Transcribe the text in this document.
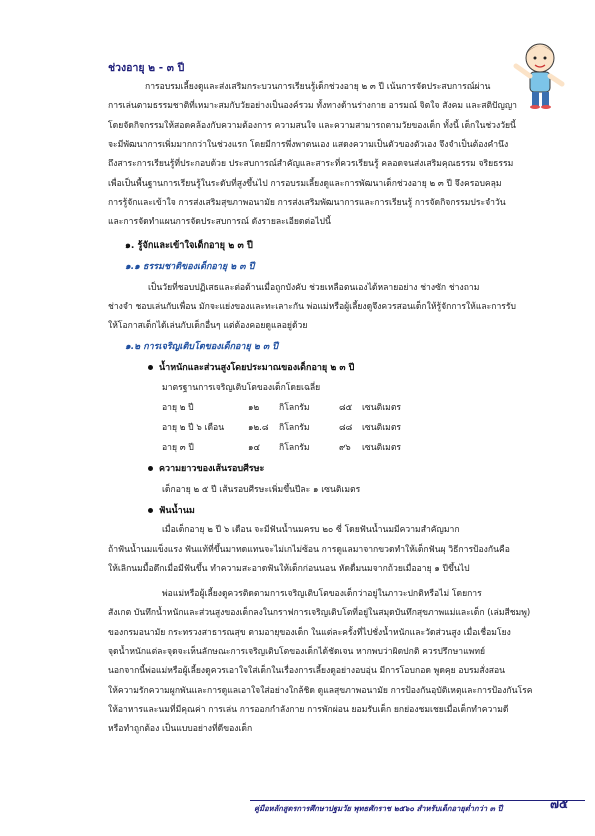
ช่วงอายุ ๒ - ๓ ปี
การอบรมเลี้ยงดูและส่งเสริมกระบวนการเรียนรู้เด็กช่วงอายุ ๒ ๓ ปี เน้นการจัดประสบการณ์ผ่าน
การเล่นตามธรรมชาติที่เหมาะสมกับวัยอย่างเป็นองค์รวม ทั้งทางด้านร่างกาย อารมณ์ จิตใจ สังคม และสติปัญญา
โดยจัดกิจกรรมให้สอดคล้องกับความต้องการ ความสนใจ และความสามารถตามวัยของเด็ก ทั้งนี้ เด็กในช่วงวัยนี้
จะมีพัฒนาการเพิ่มมากกว่าในช่วงแรก โดยมีการพึ่งพาตนเอง แสดงความเป็นตัวของตัวเอง จึงจำเป็นต้องคำนึง
ถึงสาระการเรียนรู้ที่ประกอบด้วย ประสบการณ์สำคัญและสาระที่ควรเรียนรู้ คลอดจนส่งเสริมคุณธรรม จริยธรรม
เพื่อเป็นพื้นฐานการเรียนรู้ในระดับที่สูงขึ้นไป การอบรมเลี้ยงดูและการพัฒนาเด็กช่วงอายุ ๒ ๓ ปี จึงครอบคลุม
การรู้จักและเข้าใจ การส่งเสริมสุขภาพอนามัย การส่งเสริมพัฒนาการและการเรียนรู้ การจัดกิจกรรมประจำวัน
และการจัดทำแผนการจัดประสบการณ์ ดังรายละเอียดต่อไปนี้
๑. รู้จักและเข้าใจเด็กอายุ ๒ ๓ ปี
๑.๑ ธรรมชาติของเด็กอายุ ๒ ๓ ปี
เป็นวัยที่ชอบปฏิเสธและต่อต้านเมื่อถูกบังคับ ช่วยเหลือตนเองได้หลายอย่าง ช่างซัก ช่างถาม
ช่างจำ ชอบเล่นกับเพื่อน มักจะแย่งของและทะเลาะกัน พ่อแม่หรือผู้เลี้ยงดูจึงควรสอนเด็กให้รู้จักการให้และการรับ
ให้โอกาสเด็กได้เล่นกับเด็กอื่นๆ แต่ต้องคอยดูแลอยู่ด้วย
๑.๒ การเจริญเติบโตของเด็กอายุ ๒ ๓ ปี
น้ำหนักและส่วนสูงโดยประมาณของเด็กอายุ ๒ ๓ ปี
มาตรฐานการเจริญเติบโตของเด็กโดยเฉลี่ย
อายุ ๒ ปี	๑๒ กิโลกรัม	๘๕ เซนติเมตร
อายุ ๒ ปี ๖ เดือน	๑๒.๘ กิโลกรัม	๘๘ เซนติเมตร
อายุ ๓ ปี	๑๔ กิโลกรัม	๙๖ เซนติเมตร
ความยาวของเส้นรอบศีรษะ
เด็กอายุ ๒ ๕ ปี เส้นรอบศีรษะเพิ่มขึ้นปีละ ๑ เซนติเมตร
ฟันน้ำนม
เมื่อเด็กอายุ ๒ ปี ๖ เดือน จะมีฟันน้ำนมครบ ๒๐ ซี่ โดยฟันน้ำนมมีความสำคัญมาก
ถ้าฟันน้ำนมแข็งแรง ฟันแท้ที่ขึ้นมาทดแทนจะไม่เกไม่ซ้อน การดูแลมาจากขวดทำให้เด็กฟันผุ วิธีการป้องกันคือ
ให้เลิกนมมื้อดึกเมื่อมีฟันขึ้น ทำความสะอาดฟันให้เด็กก่อนนอน หัดดื่มนมจากถ้วยเมื่ออายุ ๑ ปีขึ้นไป
พ่อแม่หรือผู้เลี้ยงดูควรติดตามการเจริญเติบโตของเด็กว่าอยู่ในภาวะปกติหรือไม่ โดยการ
สังเกต บันทึกน้ำหนักและส่วนสูงของเด็กลงในกราฟการเจริญเติบโตที่อยู่ในสมุดบันทึกสุขภาพแม่และเด็ก (เล่มสีชมพู)
ของกรมอนามัย กระทรวงสาธารณสุข ตามอายุของเด็ก ในแต่ละครั้งที่ไปชั่งน้ำหนักและวัดส่วนสูง เมื่อเชื่อมโยง
จุดน้ำหนักแต่ละจุดจะเห็นลักษณะการเจริญเติบโตของเด็กได้ชัดเจน หากพบว่าผิดปกติ ควรปรึกษาแพทย์
นอกจากนี้พ่อแม่หรือผู้เลี้ยงดูควรเอาใจใส่เด็กในเรื่องการเลี้ยงดูอย่างอบอุ่น มีการโอบกอด พูดคุย อบรมสั่งสอน
ให้ความรักความผูกพันและการดูแลเอาใจใส่อย่างใกล้ชิด ดูแลสุขภาพอนามัย การป้องกันอุบัติเหตุและการป้องกันโรค
ให้อาหารและนมที่มีคุณค่า การเล่น การออกกำลังกาย การพักผ่อน ยอมรับเด็ก ยกย่องชมเชยเมื่อเด็กทำความดี
หรือทำถูกต้อง เป็นแบบอย่างที่ดีของเด็ก
คู่มือหลักสูตรการศึกษาปฐมวัย พุทธศักราช ๒๕๖๐ สำหรับเด็กอายุต่ำกว่า ๓ ปี	๗๕
